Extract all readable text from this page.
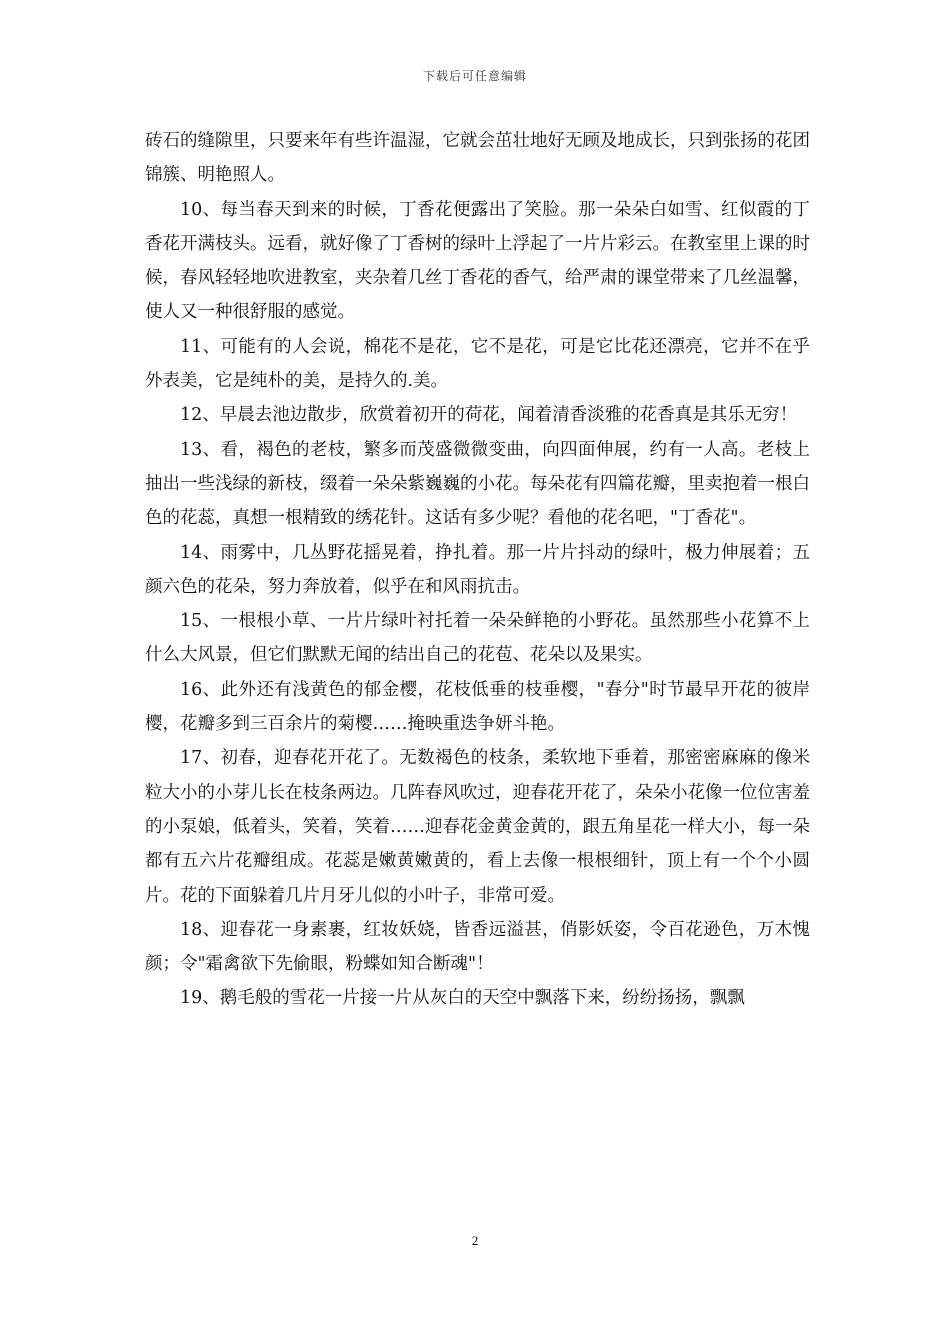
下载后可任意编辑

砖石的缝隙里，只要来年有些许温湿，它就会茁壮地好无顾及地成长，只到张扬的花团锦簇、明艳照人。

10、每当春天到来的时候，丁香花便露出了笑脸。那一朵朵白如雪、红似霞的丁香花开满枝头。远看，就好像了丁香树的绿叶上浮起了一片片彩云。在教室里上课的时候，春风轻轻地吹进教室，夹杂着几丝丁香花的香气，给严肃的课堂带来了几丝温馨，使人又一种很舒服的感觉。

11、可能有的人会说，棉花不是花，它不是花，可是它比花还漂亮，它并不在乎外表美，它是纯朴的美，是持久的.美。

12、早晨去池边散步，欣赏着初开的荷花，闻着清香淡雅的花香真是其乐无穷！

13、看，褐色的老枝，繁多而茂盛微微变曲，向四面伸展，约有一人高。老枝上抽出一些浅绿的新枝，缀着一朵朵紫巍巍的小花。每朵花有四篇花瓣，里卖抱着一根白色的花蕊，真想一根精致的绣花针。这话有多少呢？看他的花名吧，"丁香花"。

14、雨雾中，几丛野花摇晃着，挣扎着。那一片片抖动的绿叶，极力伸展着；五颜六色的花朵，努力奔放着，似乎在和风雨抗击。

15、一根根小草、一片片绿叶衬托着一朵朵鲜艳的小野花。虽然那些小花算不上什么大风景，但它们默默无闻的结出自己的花苞、花朵以及果实。

16、此外还有浅黄色的郁金樱，花枝低垂的枝垂樱，"春分"时节最早开花的彼岸樱，花瓣多到三百余片的菊樱……掩映重迭争妍斗艳。

17、初春，迎春花开花了。无数褐色的枝条，柔软地下垂着，那密密麻麻的像米粒大小的小芽儿长在枝条两边。几阵春风吹过，迎春花开花了，朵朵小花像一位位害羞的小泵娘，低着头，笑着，笑着……迎春花金黄金黄的，跟五角星花一样大小，每一朵都有五六片花瓣组成。花蕊是嫩黄嫩黄的，看上去像一根根细针，顶上有一个个小圆片。花的下面躲着几片月牙儿似的小叶子，非常可爱。

18、迎春花一身素裹，红妆妖娆，皆香远溢甚，俏影妖姿，令百花逊色，万木愧颜；令"霜禽欲下先偷眼，粉蝶如知合断魂"！

19、鹅毛般的雪花一片接一片从灰白的天空中飘落下来，纷纷扬扬，飘飘

2
